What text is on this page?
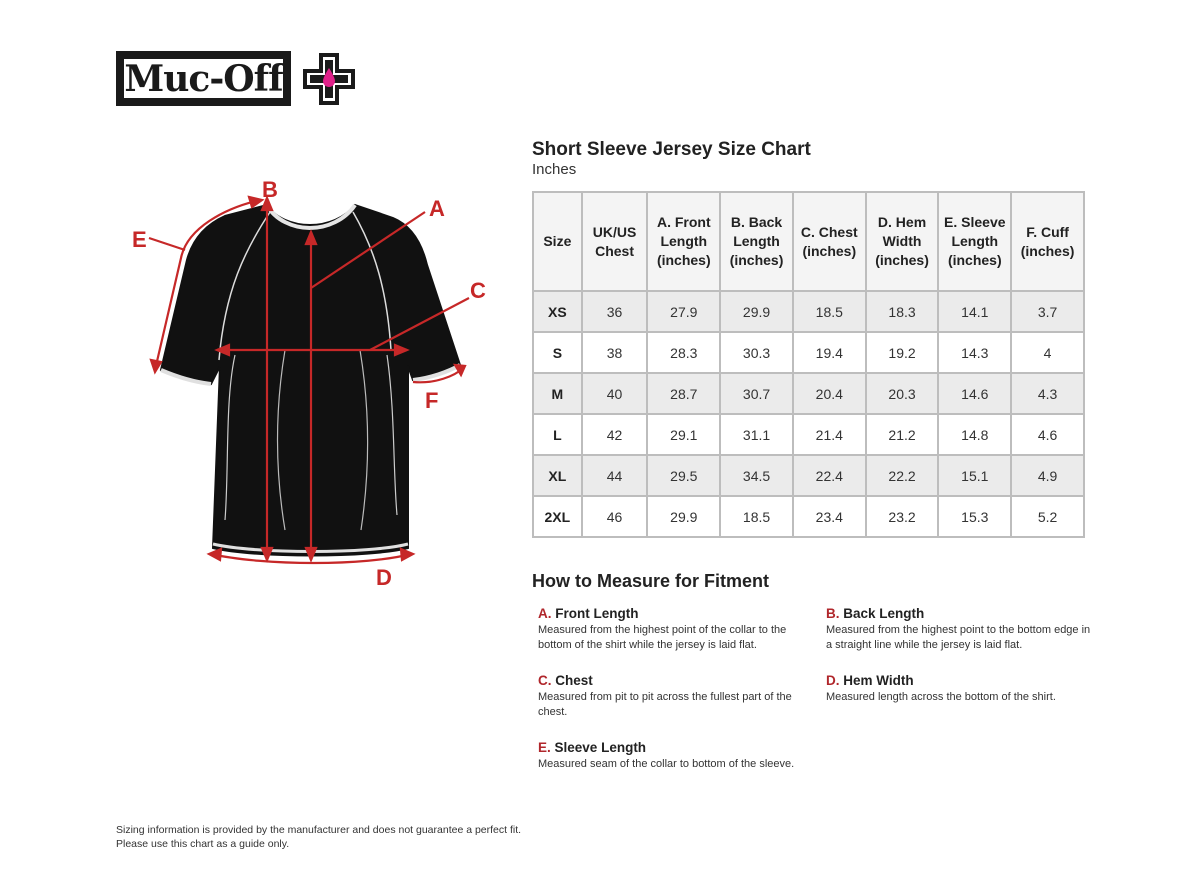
Muc-Off
B
A
C
E
F
D
Short Sleeve Jersey Size Chart
Inches
Size	UK/US Chest	A. Front Length (inches)	B. Back Length (inches)	C. Chest (inches)	D. Hem Width (inches)	E. Sleeve Length (inches)	F. Cuff (inches)
XS	36	27.9	29.9	18.5	18.3	14.1	3.7
S	38	28.3	30.3	19.4	19.2	14.3	4
M	40	28.7	30.7	20.4	20.3	14.6	4.3
L	42	29.1	31.1	21.4	21.2	14.8	4.6
XL	44	29.5	34.5	22.4	22.2	15.1	4.9
2XL	46	29.9	18.5	23.4	23.2	15.3	5.2
How to Measure for Fitment
A. Front Length
Measured from the highest point of the collar to the bottom of the shirt while the jersey is laid flat.
B. Back Length
Measured from the highest point to the bottom edge in a straight line while the jersey is laid flat.
C. Chest
Measured from pit to pit across the fullest part of the chest.
D. Hem Width
Measured length across the bottom of the shirt.
E. Sleeve Length
Measured seam of the collar to bottom of the sleeve.
Sizing information is provided by the manufacturer and does not guarantee a perfect fit.
Please use this chart as a guide only.
